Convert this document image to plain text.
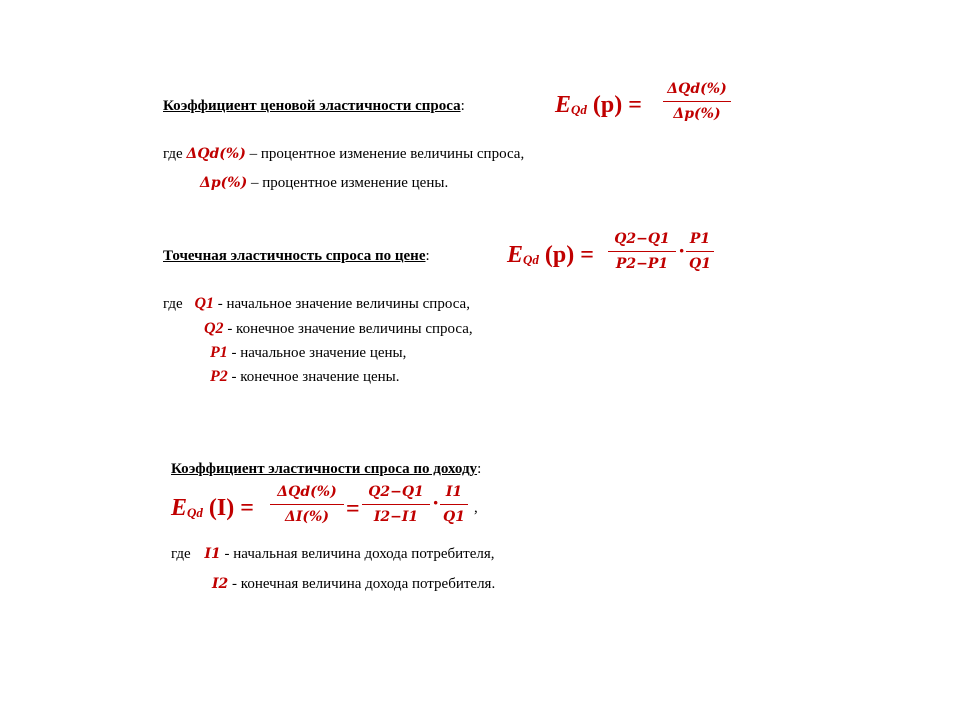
Коэффициент ценовой эластичности спроса:	$E_{Qd}$ (p) =
ΔQd(%)
Δp(%)
где ΔQd(%) – процентное изменение величины спроса,
Δp(%) – процентное изменение цены.
Точечная эластичность спроса по цене:	$E_{Qd}$ (p) =
Q2−Q1
P2−P1
· P1
Q1
где Q1 - начальное значение величины спроса,
Q2 - конечное значение величины спроса,
P1 - начальное значение цены,
P2 - конечное значение цены.
Коэффициент эластичности спроса по доходу:
$E_{Qd}$ (I) =
ΔQd(%)
ΔI(%) =
Q2−Q1
I2−I1
· I1
Q1
,
где I1 - начальная величина дохода потребителя,
I2 - конечная величина дохода потребителя.
